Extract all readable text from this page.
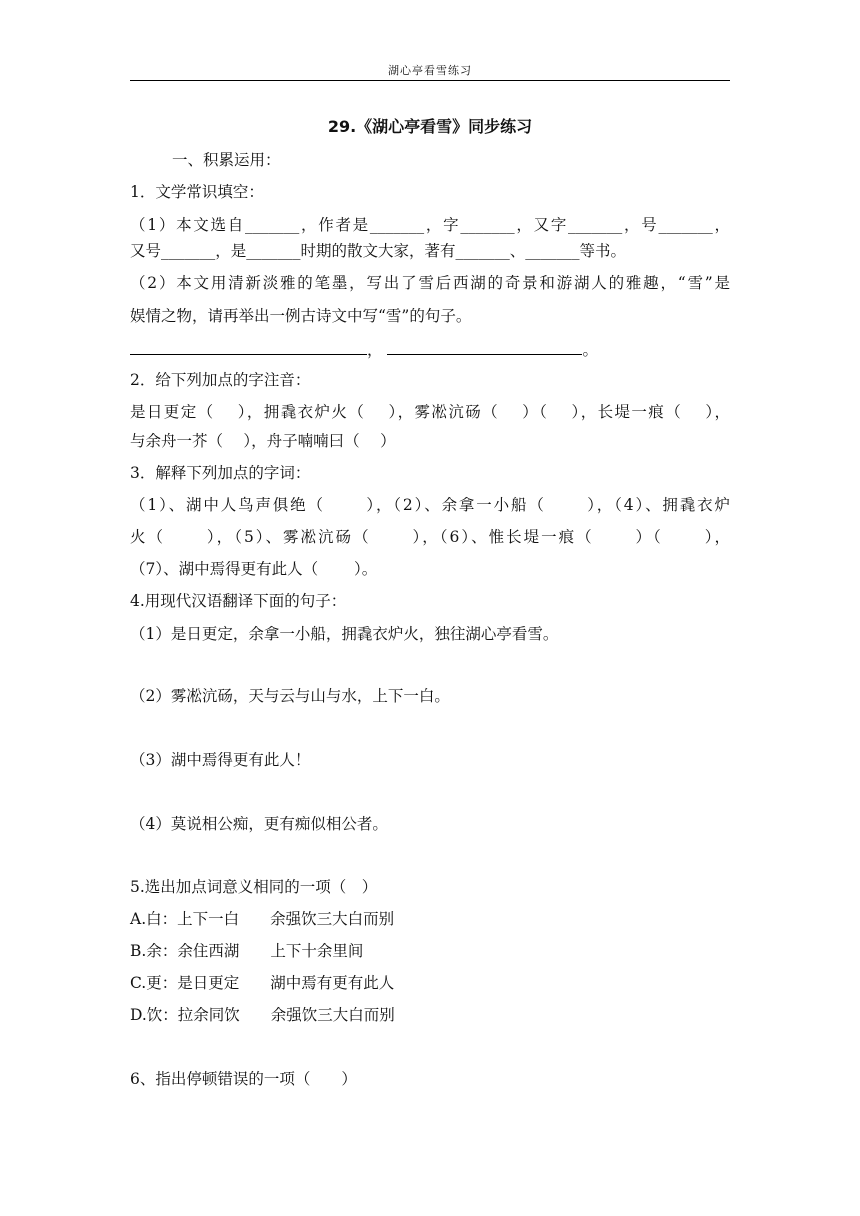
湖心亭看雪练习
29.《湖心亭看雪》同步练习
一、积累运用：
1．文学常识填空：
（1）本文选自_______，作者是_______，字_______，又字_______，号_______，
又号_______，是_______时期的散文大家，著有_______、_______等书。
（2）本文用清新淡雅的笔墨，写出了雪后西湖的奇景和游湖人的雅趣，“雪”是
娱情之物，请再举出一例古诗文中写“雪”的句子。
，	。
2．给下列加点的字注音：
是日更定（　 ），拥毳衣炉火（　 ），雾凇沆砀（　 ）（　 ），长堤一痕（　 ），
与余舟一芥（　 ），舟子喃喃曰（　 ）
3．解释下列加点的字词：
（1）、湖中人鸟声俱绝（　　 ），（2）、余拿一小船（　　 ），（4）、拥毳衣炉
火（　　 ），（5）、雾凇沆砀（　　 ），（6）、惟长堤一痕（　　 ）（　　 ），
（7）、湖中焉得更有此人（　　 ）。
4.用现代汉语翻译下面的句子：
（1）是日更定，余拿一小船，拥毳衣炉火，独往湖心亭看雪。
（2）雾凇沆砀，天与云与山与水，上下一白。
（3）湖中焉得更有此人！
（4）莫说相公痴，更有痴似相公者。
5.选出加点词意义相同的一项（　）
A.白：上下一白　　余强饮三大白而别
B.余：余住西湖　　上下十余里间
C.更：是日更定　　湖中焉有更有此人
D.饮：拉余同饮　　余强饮三大白而别
6、指出停顿错误的一项（　　）
